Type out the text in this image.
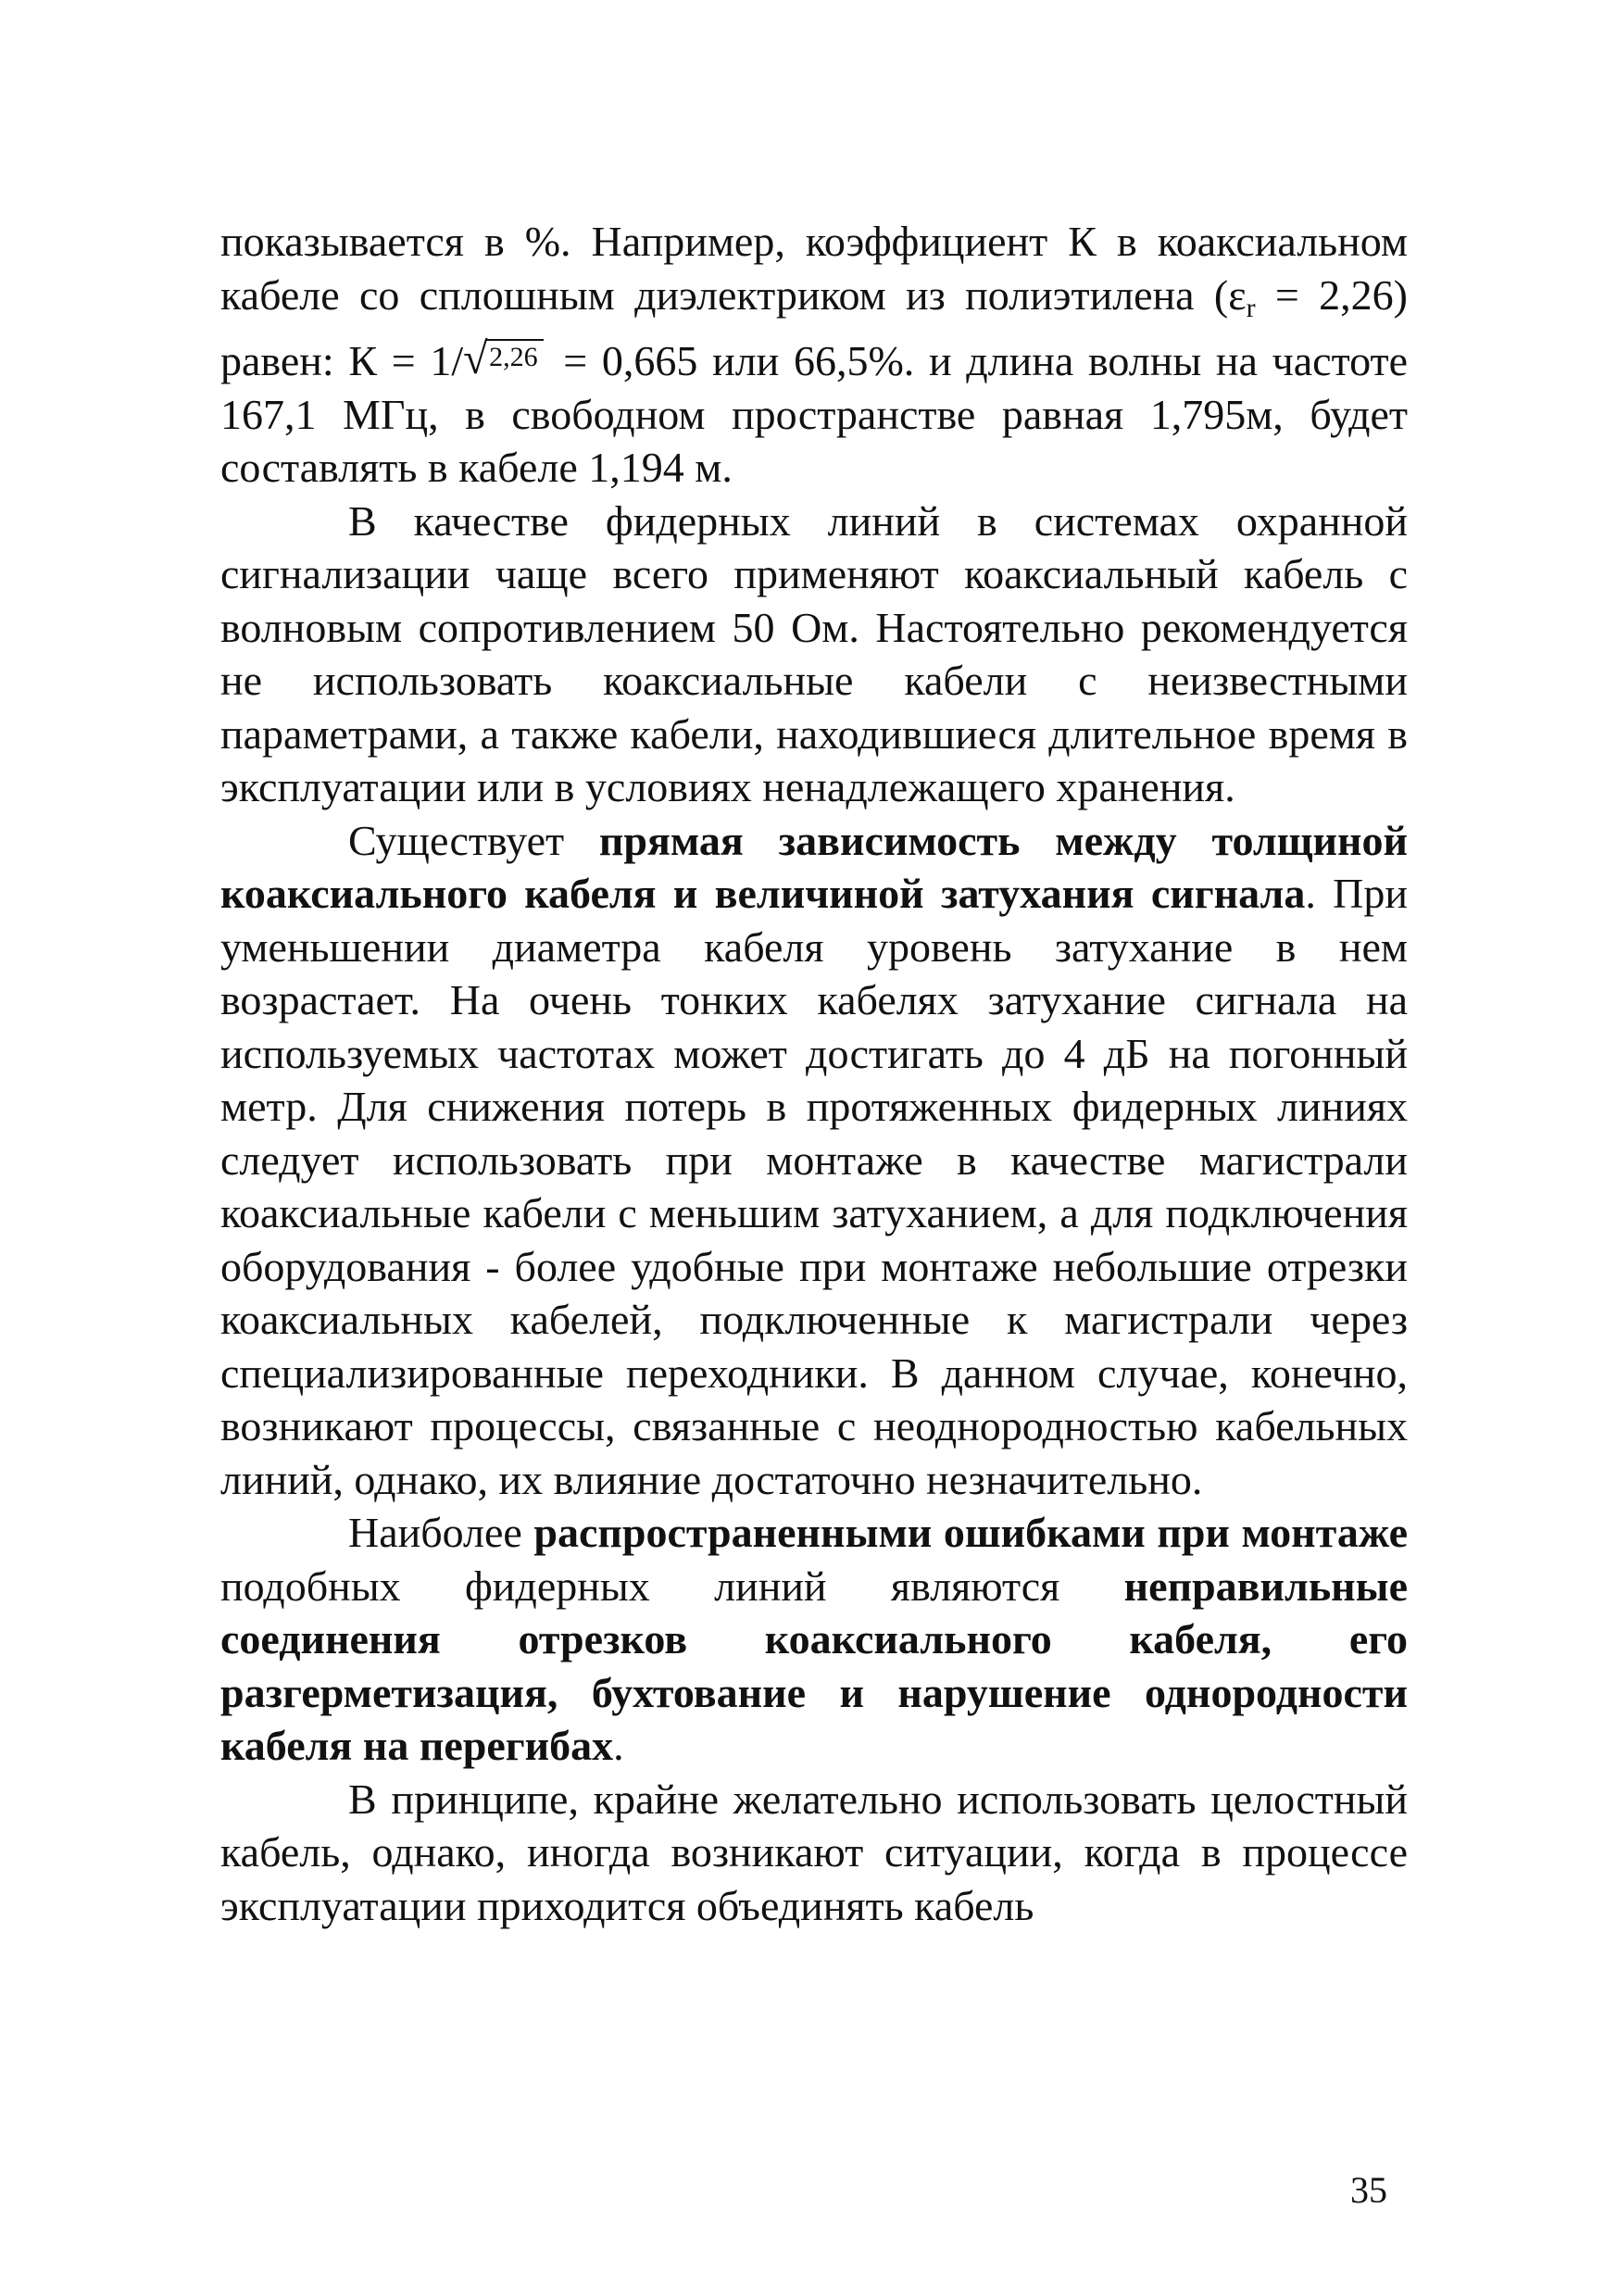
показывается в %. Например, коэффициент К в коаксиальном кабеле со сплошным диэлектриком из полиэтилена $(\varepsilon_r = 2,26)$ равен: К = 1/ √ 2,26 = 0,665 или 66,5%. и длина волны на частоте 167,1 МГц, в свободном пространстве равная 1,795м, будет составлять в кабеле 1,194 м.

В качестве фидерных линий в системах охранной сигнализации чаще всего применяют коаксиальный кабель с волновым сопротивлением 50 Ом. Настоятельно рекомендуется не использовать коаксиальные кабели с неизвестными параметрами, а также кабели, находившиеся длительное время в эксплуатации или в условиях ненадлежащего хранения.

Существует прямая зависимость между толщиной коаксиального кабеля и величиной затухания сигнала. При уменьшении диаметра кабеля уровень затухание в нем возрастает. На очень тонких кабелях затухание сигнала на используемых частотах может достигать до 4 дБ на погонный метр. Для снижения потерь в протяженных фидерных линиях следует использовать при монтаже в качестве магистрали коаксиальные кабели с меньшим затуханием, а для подключения оборудования - более удобные при монтаже небольшие отрезки коаксиальных кабелей, подключенные к магистрали через специализированные переходники. В данном случае, конечно, возникают процессы, связанные с неоднородностью кабельных линий, однако, их влияние достаточно незначительно.

Наиболее распространенными ошибками при монтаже подобных фидерных линий являются неправильные соединения отрезков коаксиального кабеля, его разгерметизация, бухтование и нарушение однородности кабеля на перегибах.

В принципе, крайне желательно использовать целостный кабель, однако, иногда возникают ситуации, когда в процессе эксплуатации приходится объединять кабель

35
